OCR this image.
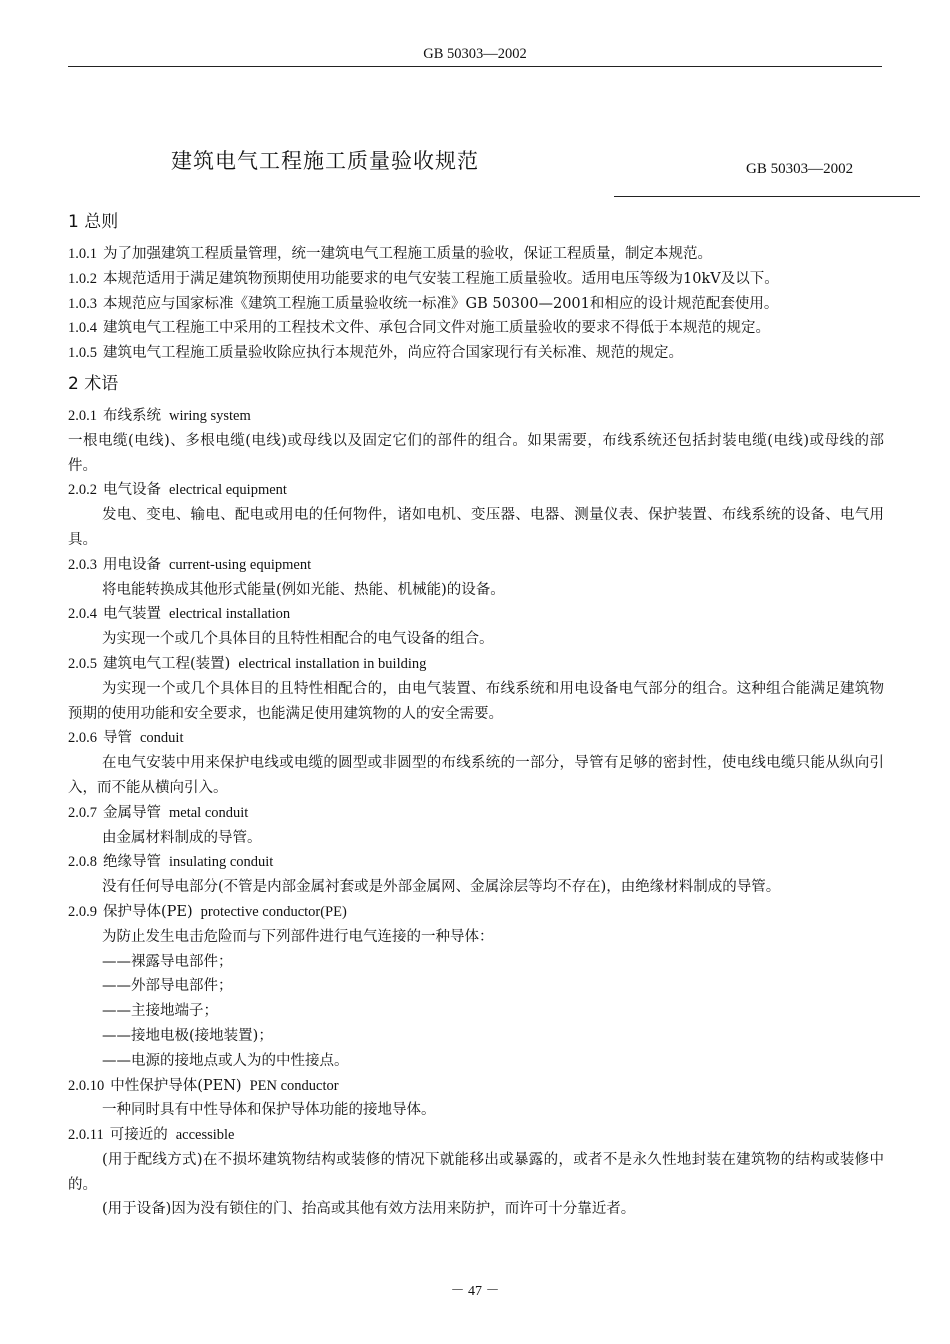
GB 50303—2002
建筑电气工程施工质量验收规范	GB 50303—2002

1 总则

1.0.1 为了加强建筑工程质量管理，统一建筑电气工程施工质量的验收，保证工程质量，制定本规范。

1.0.2 本规范适用于满足建筑物预期使用功能要求的电气安装工程施工质量验收。适用电压等级为10kV及以下。

1.0.3 本规范应与国家标准《建筑工程施工质量验收统一标准》GB 50300—2001和相应的设计规范配套使用。

1.0.4 建筑电气工程施工中采用的工程技术文件、承包合同文件对施工质量验收的要求不得低于本规范的规定。

1.0.5 建筑电气工程施工质量验收除应执行本规范外，尚应符合国家现行有关标准、规范的规定。

2 术语

2.0.1 布线系统 wiring system

一根电缆(电线)、多根电缆(电线)或母线以及固定它们的部件的组合。如果需要，布线系统还包括封装电缆(电线)或母线的部件。

2.0.2 电气设备 electrical equipment

发电、变电、输电、配电或用电的任何物件，诸如电机、变压器、电器、测量仪表、保护装置、布线系统的设备、电气用具。

2.0.3 用电设备 current-using equipment

将电能转换成其他形式能量(例如光能、热能、机械能)的设备。

2.0.4 电气装置 electrical installation

为实现一个或几个具体目的且特性相配合的电气设备的组合。

2.0.5 建筑电气工程(装置) electrical installation in building

为实现一个或几个具体目的且特性相配合的，由电气装置、布线系统和用电设备电气部分的组合。这种组合能满足建筑物预期的使用功能和安全要求，也能满足使用建筑物的人的安全需要。

2.0.6 导管 conduit

在电气安装中用来保护电线或电缆的圆型或非圆型的布线系统的一部分，导管有足够的密封性，使电线电缆只能从纵向引入，而不能从横向引入。

2.0.7 金属导管 metal conduit

由金属材料制成的导管。

2.0.8 绝缘导管 insulating conduit

没有任何导电部分(不管是内部金属衬套或是外部金属网、金属涂层等均不存在)，由绝缘材料制成的导管。

2.0.9 保护导体(PE) protective conductor(PE)

为防止发生电击危险而与下列部件进行电气连接的一种导体：

——裸露导电部件；

——外部导电部件；

——主接地端子；

——接地电极(接地装置)；

——电源的接地点或人为的中性接点。

2.0.10 中性保护导体(PEN) PEN conductor

一种同时具有中性导体和保护导体功能的接地导体。

2.0.11 可接近的 accessible

(用于配线方式)在不损坏建筑物结构或装修的情况下就能移出或暴露的，或者不是永久性地封装在建筑物的结构或装修中的。

(用于设备)因为没有锁住的门、抬高或其他有效方法用来防护，而许可十分靠近者。

－ 47 －
